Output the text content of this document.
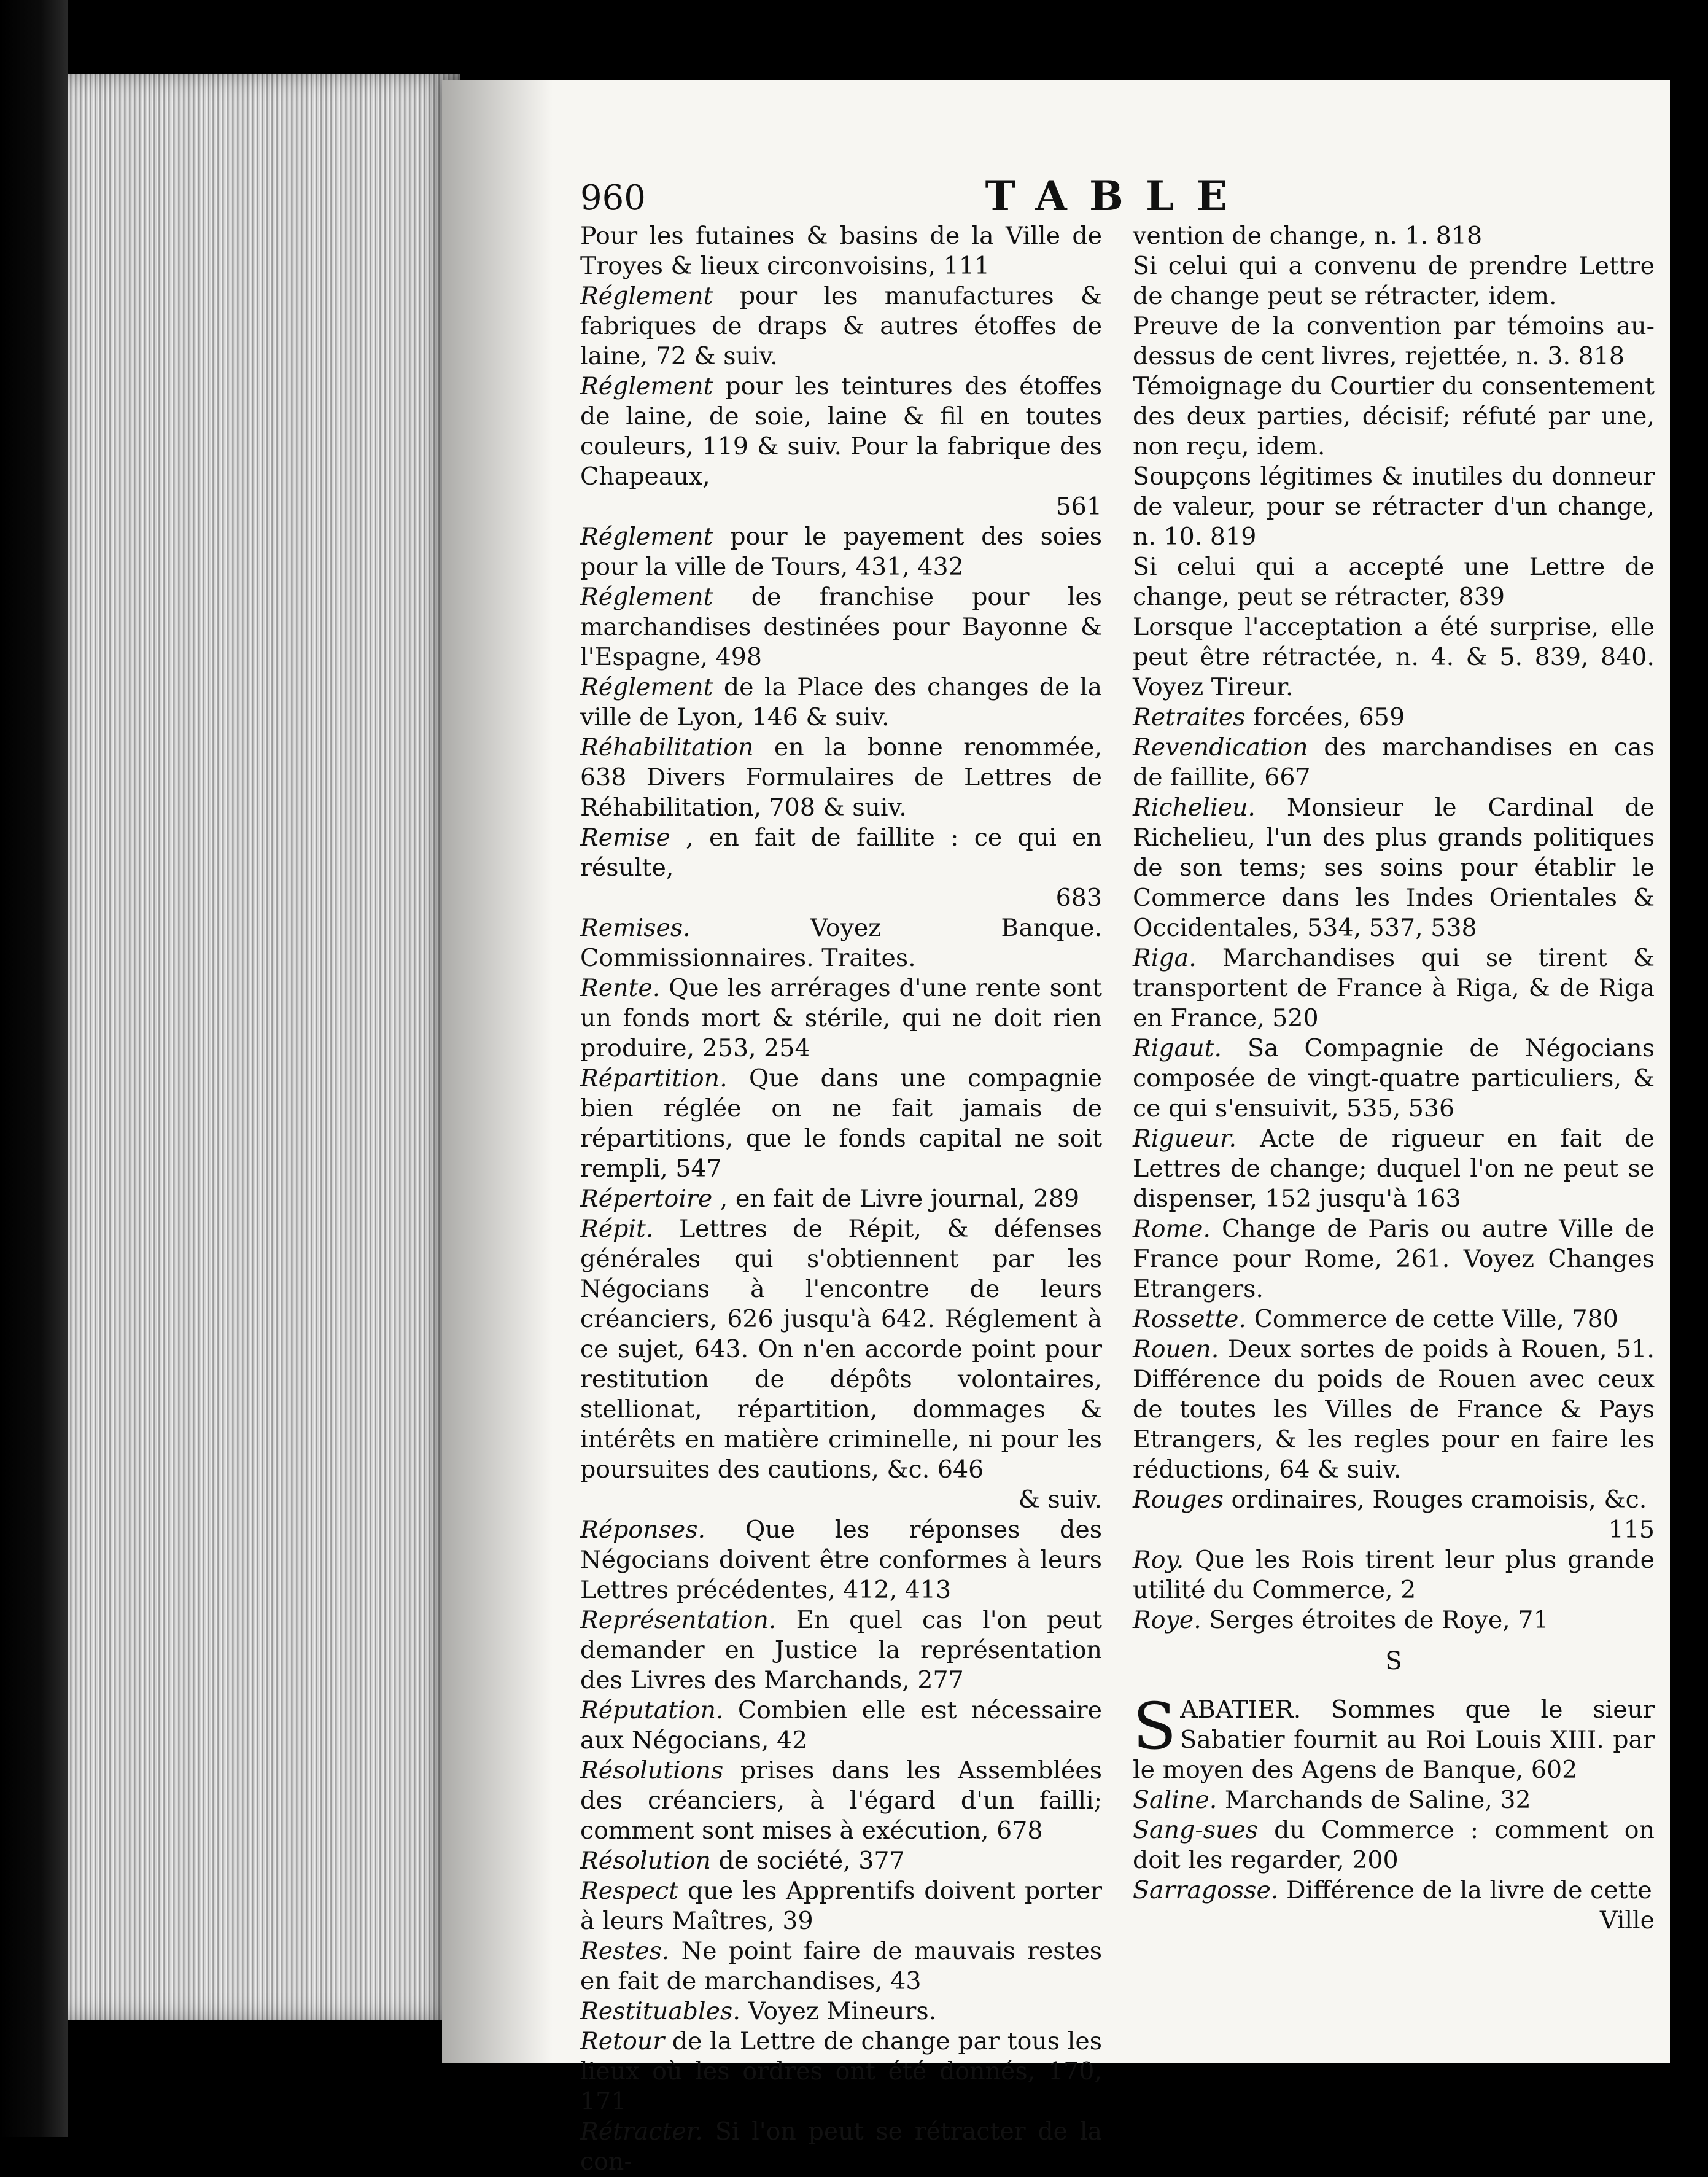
960	TABLE
Pour les futaines & basins de la Ville de Troyes & lieux circonvoisins, 111
Réglement pour les manufactures & fabriques de draps & autres étoffes de laine, 72 & suiv.
Réglement pour les teintures des étoffes de laine, de soie, laine & fil en toutes couleurs, 119 & suiv. Pour la fabrique des Chapeaux,
561
Réglement pour le payement des soies pour la ville de Tours, 431, 432
Réglement de franchise pour les marchandises destinées pour Bayonne & l'Espagne, 498
Réglement de la Place des changes de la ville de Lyon, 146 & suiv.
Réhabilitation en la bonne renommée, 638 Divers Formulaires de Lettres de Réhabilitation, 708 & suiv.
Remise , en fait de faillite : ce qui en résulte,
683
Remises.	Voyez Banque. Commissionnaires. Traites.
Rente. Que les arrérages d'une rente sont un fonds mort & stérile, qui ne doit rien produire, 253, 254
Répartition. Que dans une compagnie bien réglée on ne fait jamais de répartitions, que le fonds capital ne soit rempli, 547
Répertoire , en fait de Livre journal, 289
Répit. Lettres de Répit, & défenses générales qui s'obtiennent par les Négocians à l'encontre de leurs créanciers, 626 jusqu'à 642. Réglement à ce sujet, 643. On n'en accorde point pour restitution de dépôts volontaires, stellionat, répartition, dommages & intérêts en matière criminelle, ni pour les poursuites des cautions, &c. 646
& suiv.
Réponses. Que les réponses des Négocians doivent être conformes à leurs Lettres précédentes, 412, 413
Représentation. En quel cas l'on peut demander en Justice la représentation des Livres des Marchands, 277
Réputation. Combien elle est nécessaire aux Négocians, 42
Résolutions prises dans les Assemblées des créanciers, à l'égard d'un failli; comment sont mises à exécution, 678
Résolution de société, 377
Respect que les Apprentifs doivent porter à leurs Maîtres, 39
Restes. Ne point faire de mauvais restes en fait de marchandises, 43
Restituables. Voyez Mineurs.
Retour de la Lettre de change par tous les lieux où les ordres ont été donnés, 170, 171
Rétracter. Si l'on peut se rétracter de la con-
vention de change, n. 1. 818
Si celui qui a convenu de prendre Lettre de change peut se rétracter, idem.
Preuve de la convention par témoins au-dessus de cent livres, rejettée, n. 3. 818
Témoignage du Courtier du consentement des deux parties, décisif; réfuté par une, non reçu, idem.
Soupçons légitimes & inutiles du donneur de valeur, pour se rétracter d'un change, n. 10. 819
Si celui qui a accepté une Lettre de change, peut se rétracter, 839
Lorsque l'acceptation a été surprise, elle peut être rétractée, n. 4. & 5. 839, 840. Voyez Tireur.
Retraites forcées, 659
Revendication des marchandises en cas de faillite, 667
Richelieu. Monsieur le Cardinal de Richelieu, l'un des plus grands politiques de son tems; ses soins pour établir le Commerce dans les Indes Orientales & Occidentales, 534, 537, 538
Riga. Marchandises qui se tirent & transportent de France à Riga, & de Riga en France, 520
Rigaut. Sa Compagnie de Négocians composée de vingt-quatre particuliers, & ce qui s'ensuivit, 535, 536
Rigueur. Acte de rigueur en fait de Lettres de change; duquel l'on ne peut se dispenser, 152 jusqu'à 163
Rome. Change de Paris ou autre Ville de France pour Rome, 261. Voyez Changes Etrangers.
Rossette. Commerce de cette Ville, 780
Rouen. Deux sortes de poids à Rouen, 51. Différence du poids de Rouen avec ceux de toutes les Villes de France & Pays Etrangers, & les regles pour en faire les réductions, 64 & suiv.
Rouges ordinaires, Rouges cramoisis, &c.
115
Roy. Que les Rois tirent leur plus grande utilité du Commerce, 2
Roye. Serges étroites de Roye, 71
S
SABATIER. Sommes que le sieur Sabatier fournit au Roi Louis XIII. par le moyen des Agens de Banque, 602
Saline. Marchands de Saline, 32
Sang-sues du Commerce : comment on doit les regarder, 200
Sarragosse. Différence de la livre de cette
Ville
